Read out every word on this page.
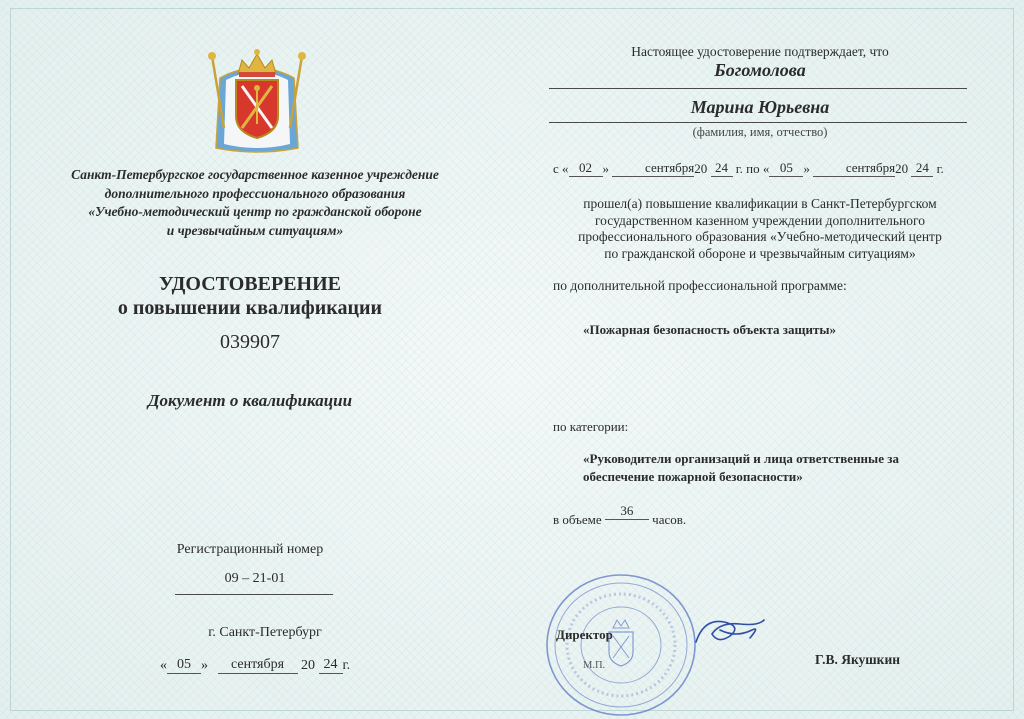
Санкт-Петербургское государственное казенное учреждение
дополнительного профессионального образования
«Учебно-методический центр по гражданской обороне
и чрезвычайным ситуациям»
УДОСТОВЕРЕНИЕ
о повышении квалификации
039907
Документ о квалификации
Регистрационный номер
09 – 21-01
г. Санкт-Петербург
« 05 » сентября 20 24 г.
Настоящее удостоверение подтверждает, что
Богомолова
Марина Юрьевна
(фамилия, имя, отчество)
с « 02 »	сентября20 24 г. по « 05 »	сентября20 24 г.
прошел(а) повышение квалификации в Санкт-Петербургском
государственном казенном учреждении дополнительного
профессионального образования «Учебно-методический центр
по гражданской обороне и чрезвычайным ситуациям»
по дополнительной профессиональной программе:
«Пожарная безопасность объекта защиты»
по категории:
«Руководители организаций и лица ответственные за
обеспечение пожарной безопасности»
в объеме 36 часов.
Директор
М.П.	Г.В. Якушкин
